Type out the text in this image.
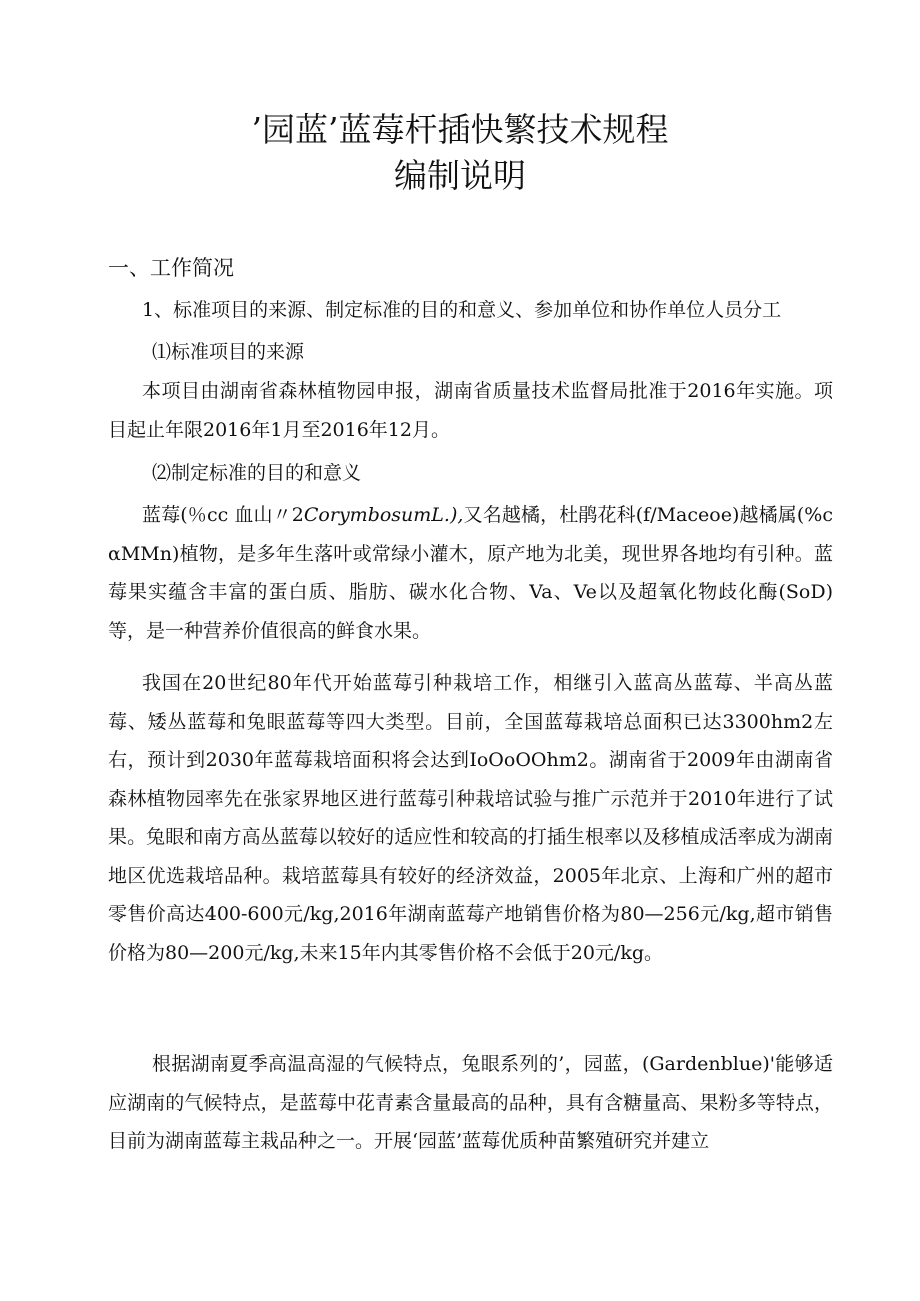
’园蓝’蓝莓杆插快繁技术规程
编制说明
一、工作简况
1、标准项目的来源、制定标准的目的和意义、参加单位和协作单位人员分工

⑴标准项目的来源

本项目由湖南省森林植物园申报，湖南省质量技术监督局批准于2016年实施。项目起止年限2016年1月至2016年12月。

⑵制定标准的目的和意义

蓝莓(％cc 血山〃2CorymbosumL.),又名越橘，杜鹃花科(f/Maceoe)越橘属(%cαMMn)植物，是多年生落叶或常绿小灌木，原产地为北美，现世界各地均有引种。蓝莓果实蕴含丰富的蛋白质、脂肪、碳水化合物、Va、Ve以及超氧化物歧化酶(SoD)等，是一种营养价值很高的鲜食水果。

我国在20世纪80年代开始蓝莓引种栽培工作，相继引入蓝高丛蓝莓、半高丛蓝莓、矮丛蓝莓和兔眼蓝莓等四大类型。目前，全国蓝莓栽培总面积已达3300hm2左右，预计到2030年蓝莓栽培面积将会达到IoOoOOhm2。湖南省于2009年由湖南省森林植物园率先在张家界地区进行蓝莓引种栽培试验与推广示范并于2010年进行了试果。兔眼和南方高丛蓝莓以较好的适应性和较高的打插生根率以及移植成活率成为湖南地区优选栽培品种。栽培蓝莓具有较好的经济效益，2005年北京、上海和广州的超市零售价高达400-600元/kg,2016年湖南蓝莓产地销售价格为80—256元/kg,超市销售价格为80—200元/kg,未来15年内其零售价格不会低于20元/kg。

根据湖南夏季高温高湿的气候特点，兔眼系列的’，园蓝，(Gardenblue)'能够适应湖南的气候特点，是蓝莓中花青素含量最高的品种，具有含糖量高、果粉多等特点，目前为湖南蓝莓主栽品种之一。开展‘园蓝’蓝莓优质种苗繁殖研究并建立
